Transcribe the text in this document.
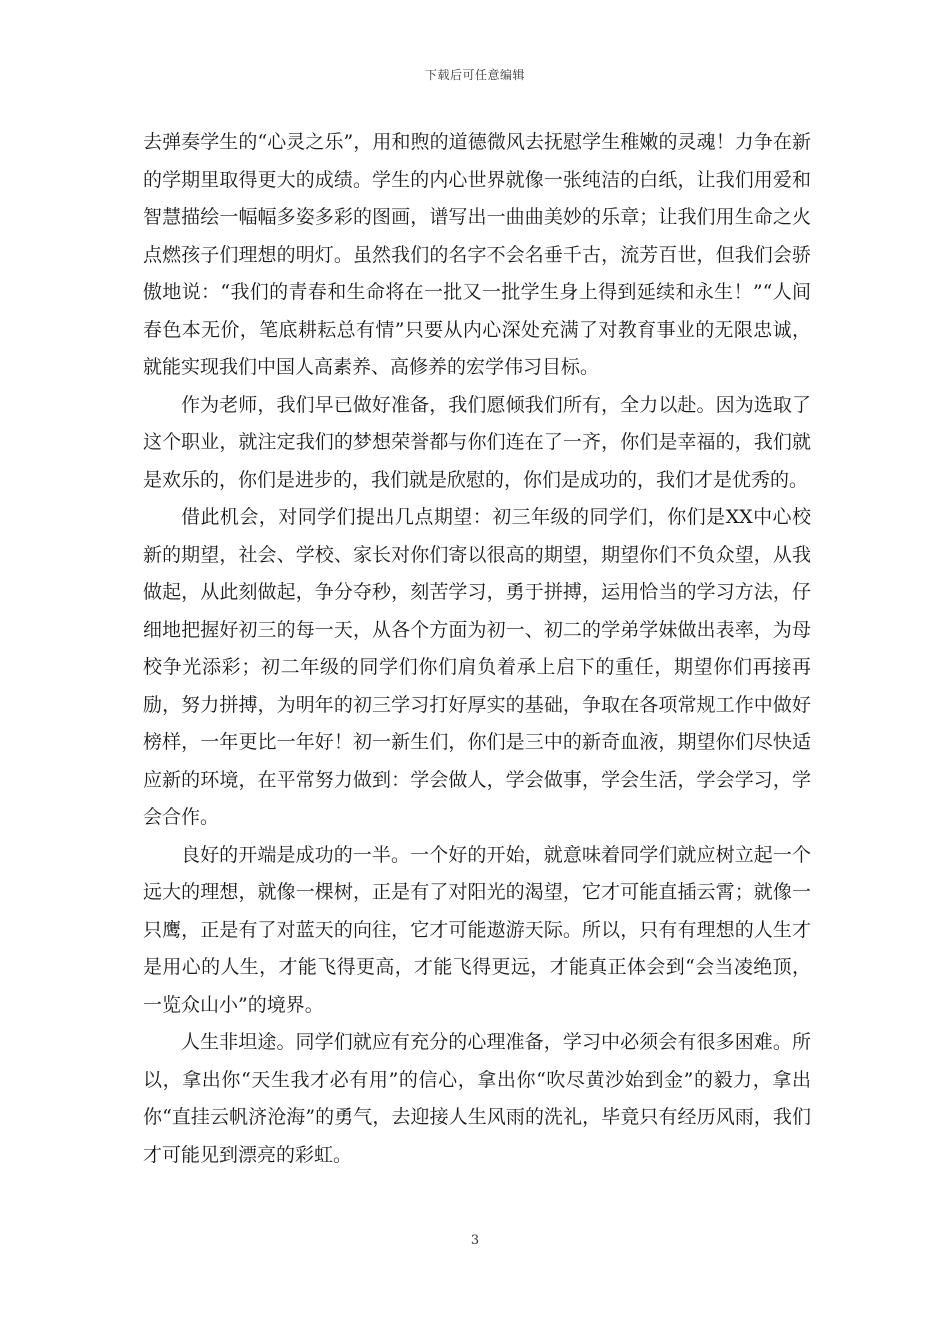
下载后可任意编辑

去弹奏学生的“心灵之乐”，用和煦的道德微风去抚慰学生稚嫩的灵魂！力争在新的学期里取得更大的成绩。学生的内心世界就像一张纯洁的白纸，让我们用爱和智慧描绘一幅幅多姿多彩的图画，谱写出一曲曲美妙的乐章；让我们用生命之火点燃孩子们理想的明灯。虽然我们的名字不会名垂千古，流芳百世，但我们会骄傲地说：“我们的青春和生命将在一批又一批学生身上得到延续和永生！”“人间春色本无价，笔底耕耘总有情”只要从内心深处充满了对教育事业的无限忠诚，就能实现我们中国人高素养、高修养的宏学伟习目标。

作为老师，我们早已做好准备，我们愿倾我们所有，全力以赴。因为选取了这个职业，就注定我们的梦想荣誉都与你们连在了一齐，你们是幸福的，我们就是欢乐的，你们是进步的，我们就是欣慰的，你们是成功的，我们才是优秀的。

借此机会，对同学们提出几点期望：初三年级的同学们，你们是XX中心校新的期望，社会、学校、家长对你们寄以很高的期望，期望你们不负众望，从我做起，从此刻做起，争分夺秒，刻苦学习，勇于拼搏，运用恰当的学习方法，仔细地把握好初三的每一天，从各个方面为初一、初二的学弟学妹做出表率，为母校争光添彩；初二年级的同学们你们肩负着承上启下的重任，期望你们再接再励，努力拼搏，为明年的初三学习打好厚实的基础，争取在各项常规工作中做好榜样，一年更比一年好！初一新生们，你们是三中的新奇血液，期望你们尽快适应新的环境，在平常努力做到：学会做人，学会做事，学会生活，学会学习，学会合作。

良好的开端是成功的一半。一个好的开始，就意味着同学们就应树立起一个远大的理想，就像一棵树，正是有了对阳光的渴望，它才可能直插云霄；就像一只鹰，正是有了对蓝天的向往，它才可能遨游天际。所以，只有有理想的人生才是用心的人生，才能飞得更高，才能飞得更远，才能真正体会到“会当凌绝顶，一览众山小”的境界。

人生非坦途。同学们就应有充分的心理准备，学习中必须会有很多困难。所以，拿出你“天生我才必有用”的信心，拿出你“吹尽黄沙始到金”的毅力，拿出你“直挂云帆济沧海”的勇气，去迎接人生风雨的洗礼，毕竟只有经历风雨，我们才可能见到漂亮的彩虹。

3
